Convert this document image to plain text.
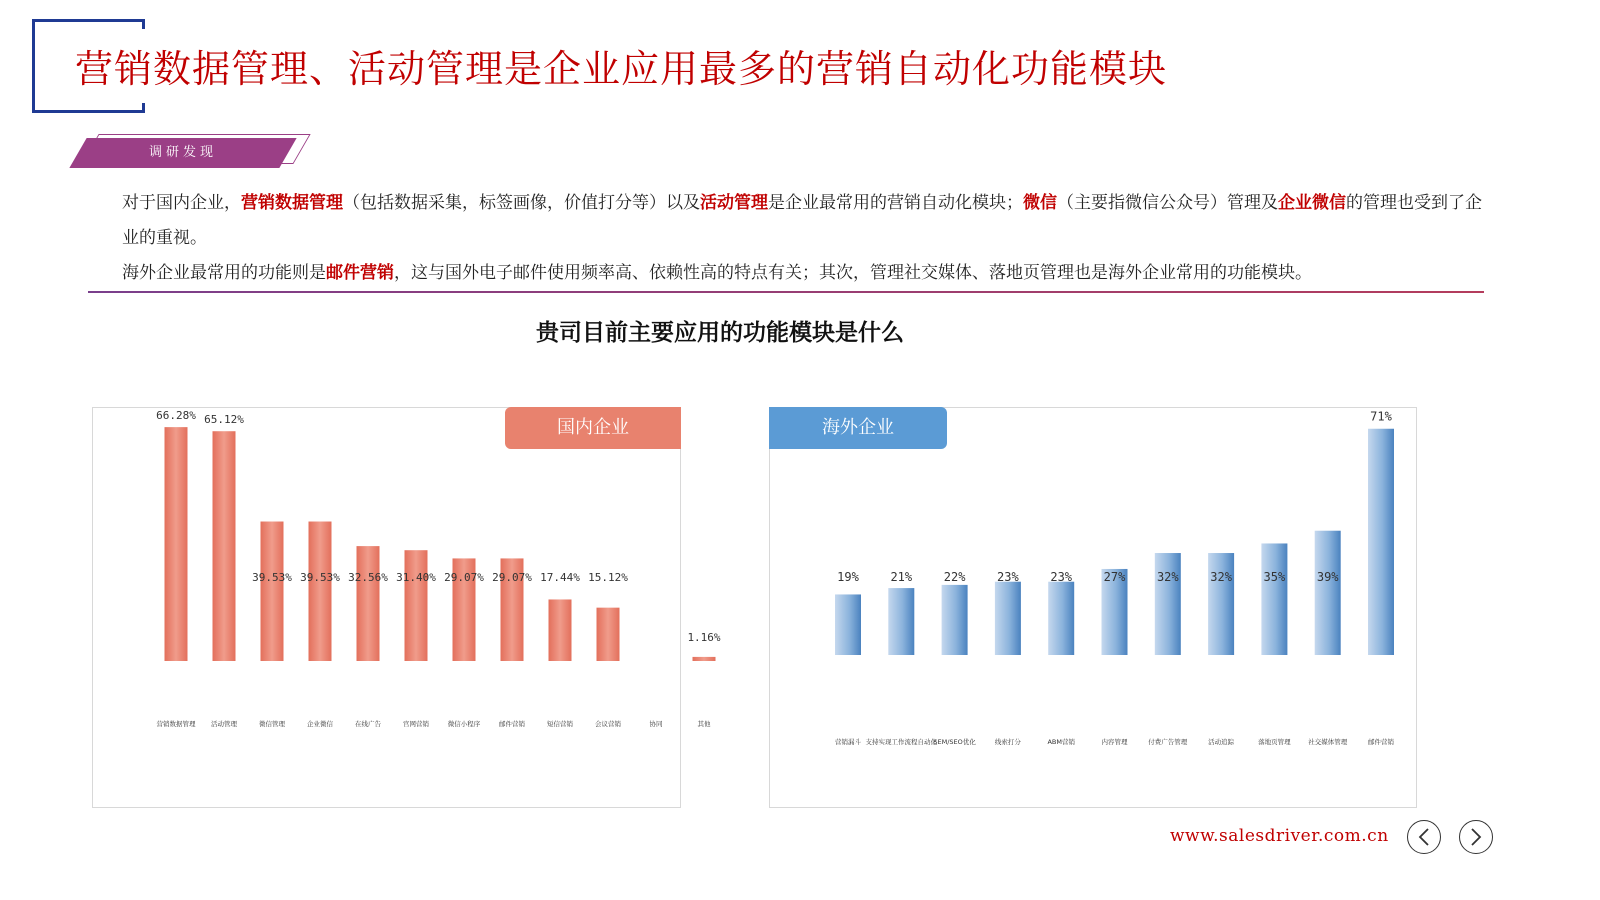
营销数据管理、活动管理是企业应用最多的营销自动化功能模块
调研发现

对于国内企业，营销数据管理（包括数据采集，标签画像，价值打分等）以及活动管理是企业最常用的营销自动化模块；微信（主要指微信公众号）管理及企业微信的管理也受到了企业的重视。

海外企业最常用的功能则是邮件营销，这与国外电子邮件使用频率高、依赖性高的特点有关；其次，管理社交媒体、落地页管理也是海外企业常用的功能模块。

贵司目前主要应用的功能模块是什么
66.28%
营销数据管理
65.12%
活动管理
39.53%
微信管理
39.53%
企业微信
32.56%
在线广告
31.40%
官网营销
29.07%
微信小程序
29.07%
邮件营销
17.44%
短信营销
15.12%
会议营销	协同
1.16%
其他
国内企业
19%
营销漏斗
21%
支持实现工作流程自动化
22%
SEM/SEO优化
23%
线索打分
23%
ABM营销
27%
内容管理
32%
付费广告管理
32%
活动追踪
35%
落地页管理
39%
社交媒体管理
71%
邮件营销
海外企业
www.salesdriver.com.cn
